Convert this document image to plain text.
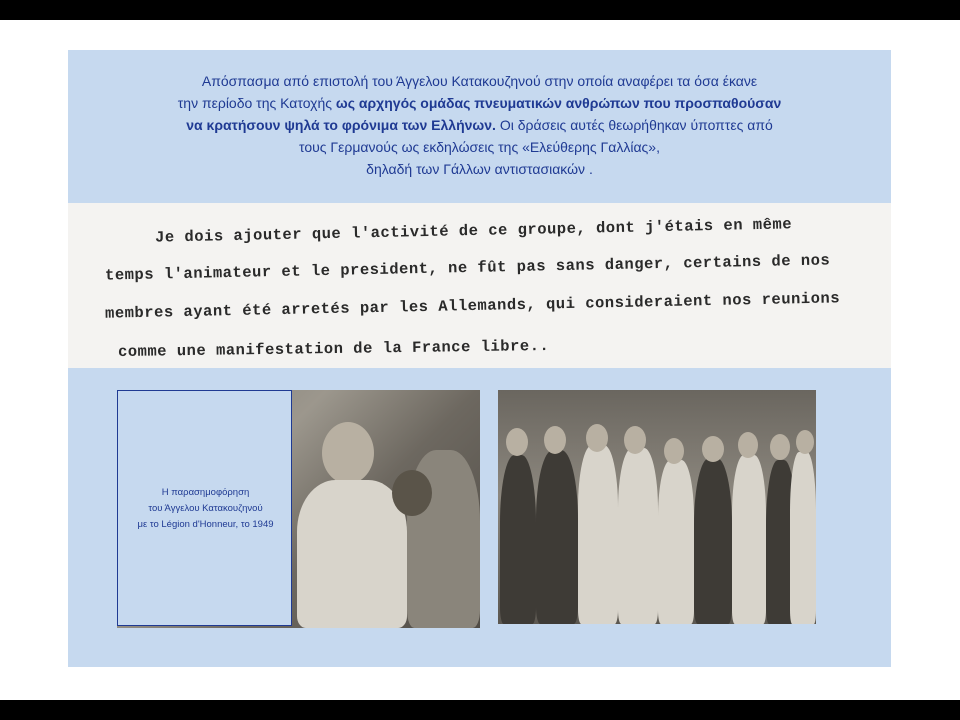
Απόσπασμα από επιστολή του Άγγελου Κατακουζηνού στην οποία αναφέρει τα όσα έκανε
την περίοδο της Κατοχής ως αρχηγός ομάδας πνευματικών ανθρώπων που προσπαθούσαν
να κρατήσουν ψηλά το φρόνιμα των Ελλήνων. Οι δράσεις αυτές θεωρήθηκαν ύποπτες από
τους Γερμανούς ως εκδηλώσεις της «Ελεύθερης Γαλλίας»,
δηλαδή των Γάλλων αντιστασιακών .
Je dois ajouter que l'activité de ce groupe, dont j'étais en même
temps l'animateur et le president, ne fût pas sans danger, certains de nos
membres ayant été arretés par les Allemands, qui consideraient nos reunions
comme une manifestation de la France libre..
Η παρασημοφόρηση
του Άγγελου Κατακουζηνού
με το Légion d'Honneur, το 1949
